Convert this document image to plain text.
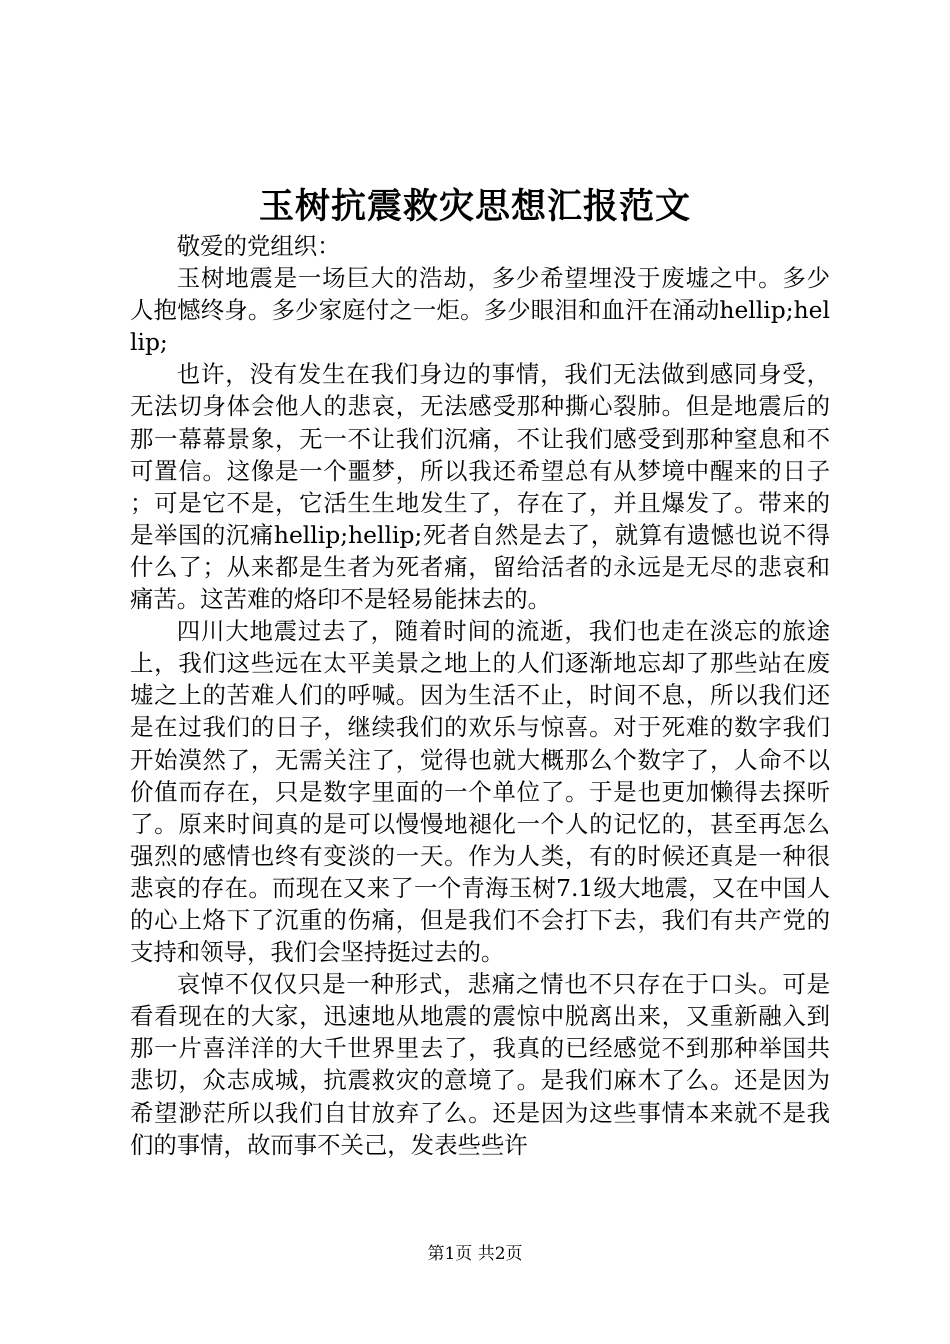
玉树抗震救灾思想汇报范文

敬爱的党组织：

玉树地震是一场巨大的浩劫，多少希望埋没于废墟之中。多少人抱憾终身。多少家庭付之一炬。多少眼泪和血汗在涌动hellip;hellip;

也许，没有发生在我们身边的事情，我们无法做到感同身受，无法切身体会他人的悲哀，无法感受那种撕心裂肺。但是地震后的那一幕幕景象，无一不让我们沉痛，不让我们感受到那种窒息和不可置信。这像是一个噩梦，所以我还希望总有从梦境中醒来的日子；可是它不是，它活生生地发生了，存在了，并且爆发了。带来的是举国的沉痛hellip;hellip;死者自然是去了，就算有遗憾也说不得什么了；从来都是生者为死者痛，留给活者的永远是无尽的悲哀和痛苦。这苦难的烙印不是轻易能抹去的。

四川大地震过去了，随着时间的流逝，我们也走在淡忘的旅途上，我们这些远在太平美景之地上的人们逐渐地忘却了那些站在废墟之上的苦难人们的呼喊。因为生活不止，时间不息，所以我们还是在过我们的日子，继续我们的欢乐与惊喜。对于死难的数字我们开始漠然了，无需关注了，觉得也就大概那么个数字了，人命不以价值而存在，只是数字里面的一个单位了。于是也更加懒得去探听了。原来时间真的是可以慢慢地褪化一个人的记忆的，甚至再怎么强烈的感情也终有变淡的一天。作为人类，有的时候还真是一种很悲哀的存在。而现在又来了一个青海玉树7.1级大地震，又在中国人的心上烙下了沉重的伤痛，但是我们不会打下去，我们有共产党的支持和领导，我们会坚持挺过去的。

哀悼不仅仅只是一种形式，悲痛之情也不只存在于口头。可是看看现在的大家，迅速地从地震的震惊中脱离出来，又重新融入到那一片喜洋洋的大千世界里去了，我真的已经感觉不到那种举国共悲切，众志成城，抗震救灾的意境了。是我们麻木了么。还是因为希望渺茫所以我们自甘放弃了么。还是因为这些事情本来就不是我们的事情，故而事不关己，发表些些许

第1页 共2页
